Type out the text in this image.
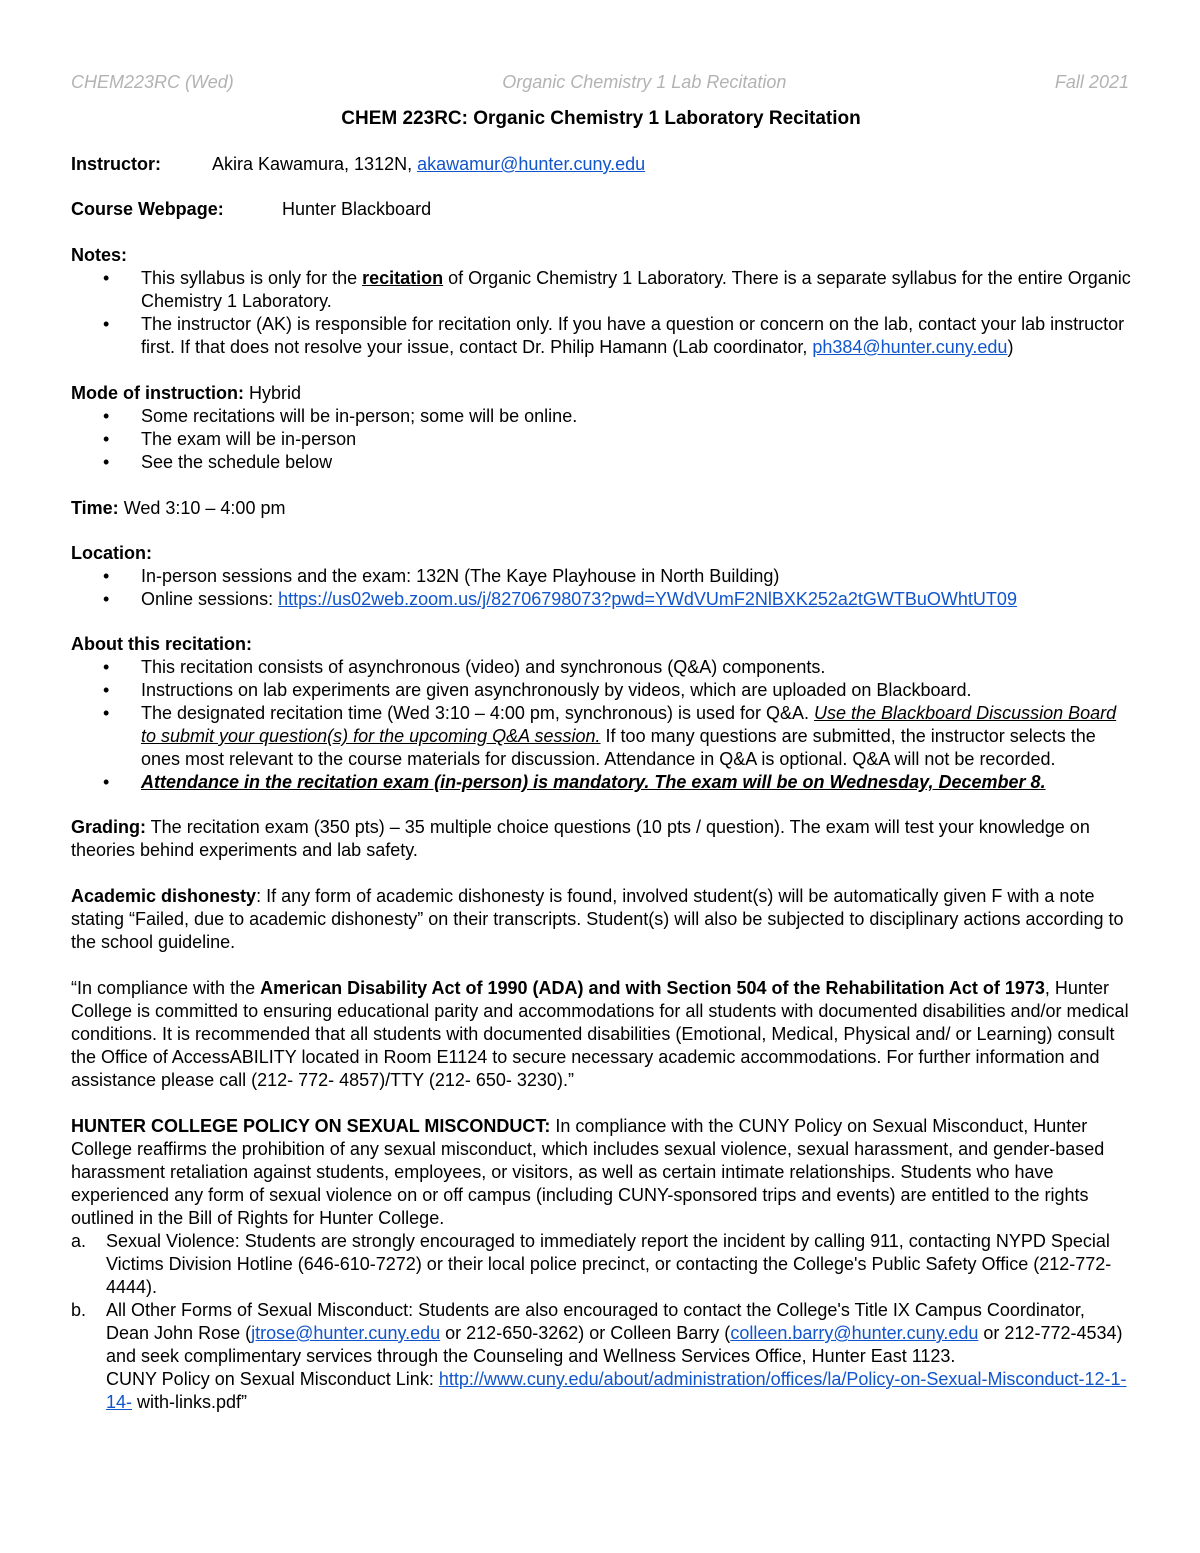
CHEM223RC (Wed)	Organic Chemistry 1 Lab Recitation	Fall 2021

CHEM 223RC: Organic Chemistry 1 Laboratory Recitation

Instructor:	Akira Kawamura, 1312N, akawamur@hunter.cuny.edu

Course Webpage:	Hunter Blackboard

Notes:

• This syllabus is only for the recitation of Organic Chemistry 1 Laboratory. There is a separate syllabus for the entire Organic Chemistry 1 Laboratory.
• The instructor (AK) is responsible for recitation only. If you have a question or concern on the lab, contact your lab instructor first. If that does not resolve your issue, contact Dr. Philip Hamann (Lab coordinator, ph384@hunter.cuny.edu)

Mode of instruction: Hybrid

• Some recitations will be in-person; some will be online.
• The exam will be in-person
• See the schedule below

Time: Wed 3:10 – 4:00 pm

Location:

• In-person sessions and the exam: 132N (The Kaye Playhouse in North Building)
• Online sessions: https://us02web.zoom.us/j/82706798073?pwd=YWdVUmF2NlBXK252a2tGWTBuOWhtUT09

About this recitation:

• This recitation consists of asynchronous (video) and synchronous (Q&A) components.
• Instructions on lab experiments are given asynchronously by videos, which are uploaded on Blackboard.
• The designated recitation time (Wed 3:10 – 4:00 pm, synchronous) is used for Q&A. Use the Blackboard Discussion Board to submit your question(s) for the upcoming Q&A session. If too many questions are submitted, the instructor selects the ones most relevant to the course materials for discussion. Attendance in Q&A is optional. Q&A will not be recorded.
• Attendance in the recitation exam (in-person) is mandatory. The exam will be on Wednesday, December 8.

Grading: The recitation exam (350 pts) – 35 multiple choice questions (10 pts / question). The exam will test your knowledge on theories behind experiments and lab safety.

Academic dishonesty: If any form of academic dishonesty is found, involved student(s) will be automatically given F with a note stating “Failed, due to academic dishonesty” on their transcripts. Student(s) will also be subjected to disciplinary actions according to the school guideline.

“In compliance with the American Disability Act of 1990 (ADA) and with Section 504 of the Rehabilitation Act of 1973, Hunter College is committed to ensuring educational parity and accommodations for all students with documented disabilities and/or medical conditions. It is recommended that all students with documented disabilities (Emotional, Medical, Physical and/ or Learning) consult the Office of AccessABILITY located in Room E1124 to secure necessary academic accommodations. For further information and assistance please call (212- 772- 4857)/TTY (212- 650- 3230).”

HUNTER COLLEGE POLICY ON SEXUAL MISCONDUCT: In compliance with the CUNY Policy on Sexual Misconduct, Hunter College reaffirms the prohibition of any sexual misconduct, which includes sexual violence, sexual harassment, and gender-based harassment retaliation against students, employees, or visitors, as well as certain intimate relationships. Students who have experienced any form of sexual violence on or off campus (including CUNY-sponsored trips and events) are entitled to the rights outlined in the Bill of Rights for Hunter College.

a. Sexual Violence: Students are strongly encouraged to immediately report the incident by calling 911, contacting NYPD Special Victims Division Hotline (646-610-7272) or their local police precinct, or contacting the College's Public Safety Office (212-772-4444).
b. All Other Forms of Sexual Misconduct: Students are also encouraged to contact the College's Title IX Campus Coordinator, Dean John Rose (jtrose@hunter.cuny.edu or 212-650-3262) or Colleen Barry (colleen.barry@hunter.cuny.edu or 212-772-4534) and seek complimentary services through the Counseling and Wellness Services Office, Hunter East 1123.
CUNY Policy on Sexual Misconduct Link: http://www.cuny.edu/about/administration/offices/la/Policy-on-Sexual-Misconduct-12-1-14- with-links.pdf”
